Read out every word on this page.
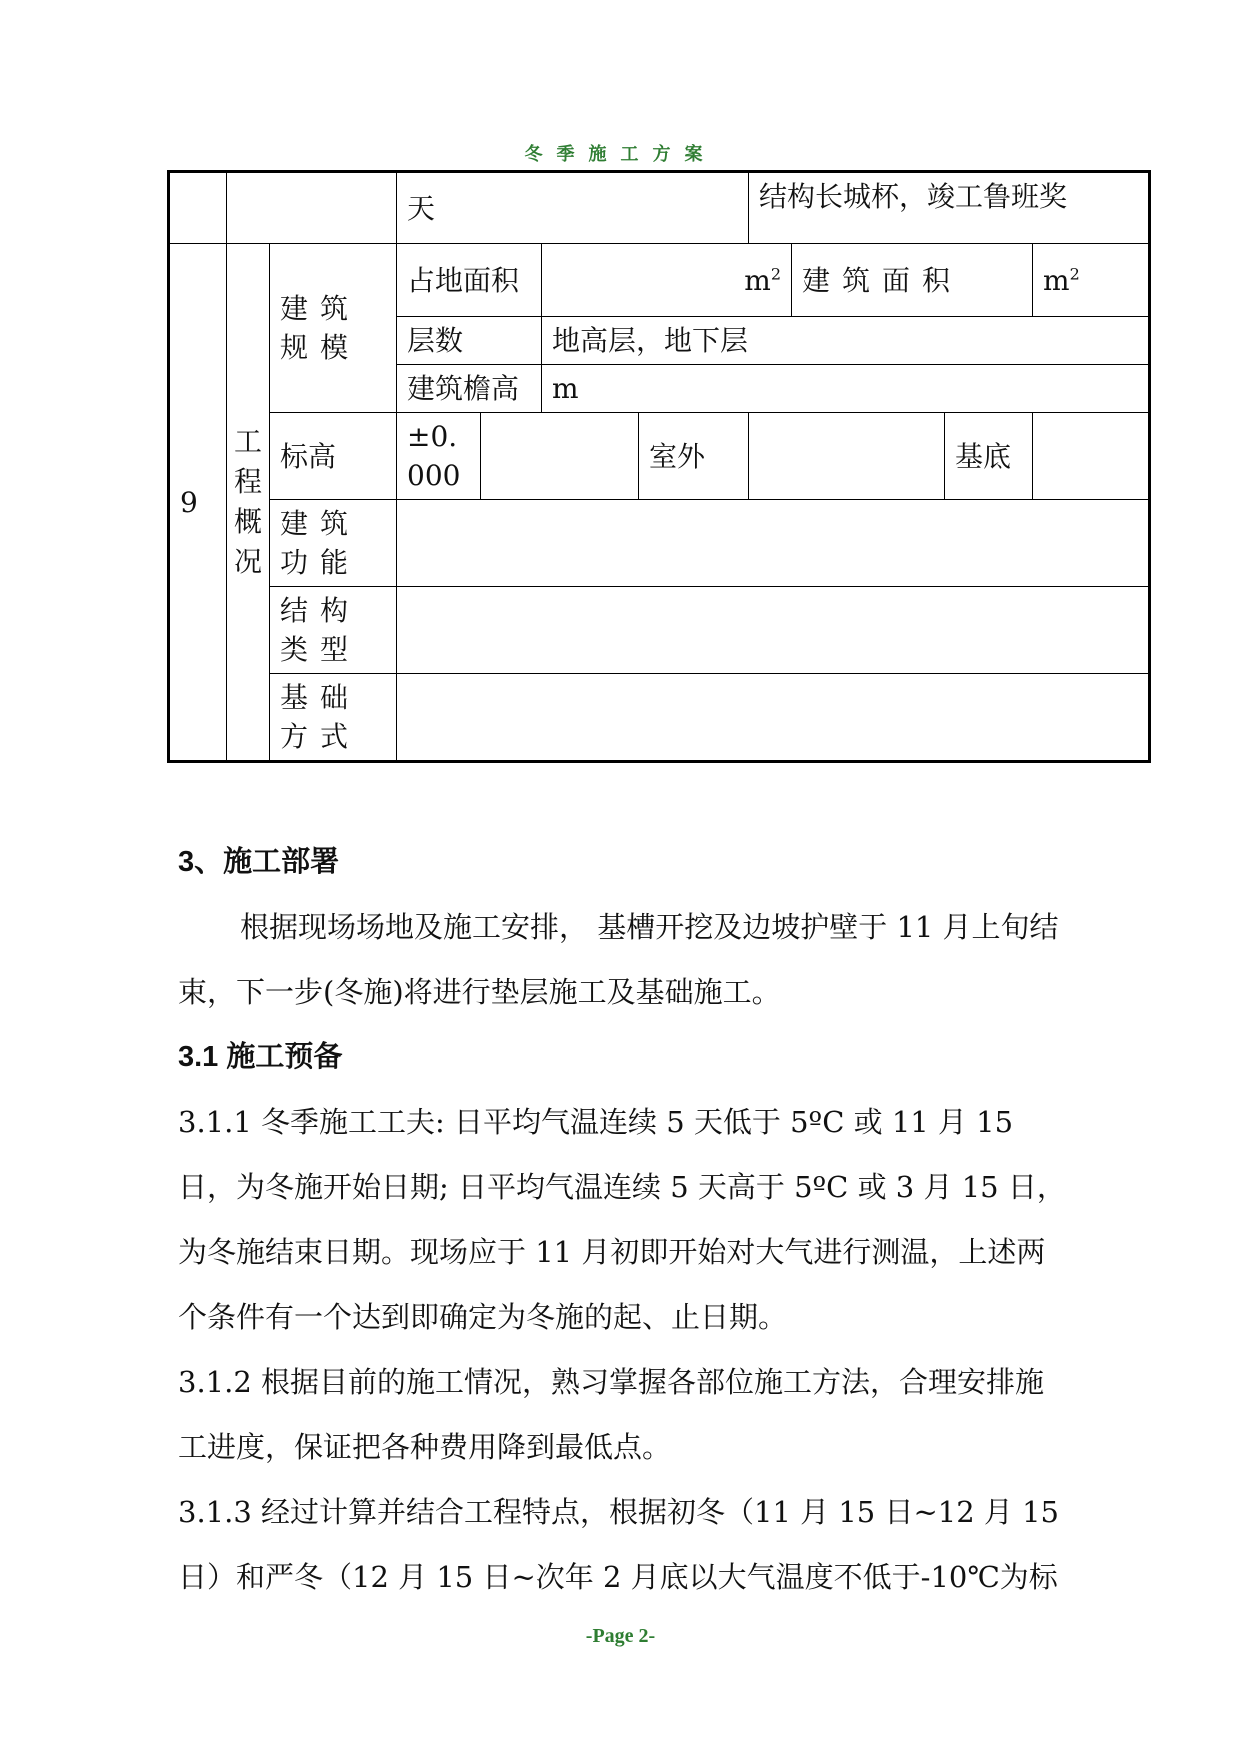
冬季施工方案
			天				结构长城杯，竣工鲁班奖			
9	工程概况	建筑规模	占地面积		$m^2$			建筑面积		$m^2$
			层数		地高层，地下层					
			建筑檐高		m					
		标高	±0.000			室外			基底	
		建筑功能								
		结构类型								
		基础方式								

3、施工部署

根据现场场地及施工安排， 基槽开挖及边坡护壁于 11 月上旬结束，下一步(冬施)将进行垫层施工及基础施工。

3.1 施工预备

3.1.1 冬季施工工夫: 日平均气温连续 5 天低于 5ºC 或 11 月 15 日，为冬施开始日期; 日平均气温连续 5 天高于 5ºC 或 3 月 15 日，为冬施结束日期。现场应于 11 月初即开始对大气进行测温，上述两个条件有一个达到即确定为冬施的起、止日期。

3.1.2 根据目前的施工情况，熟习掌握各部位施工方法，合理安排施工进度，保证把各种费用降到最低点。

3.1.3 经过计算并结合工程特点，根据初冬（11 月 15 日~12 月 15 日）和严冬（12 月 15 日~次年 2 月底以大气温度不低于-10℃为标

-Page 2-
